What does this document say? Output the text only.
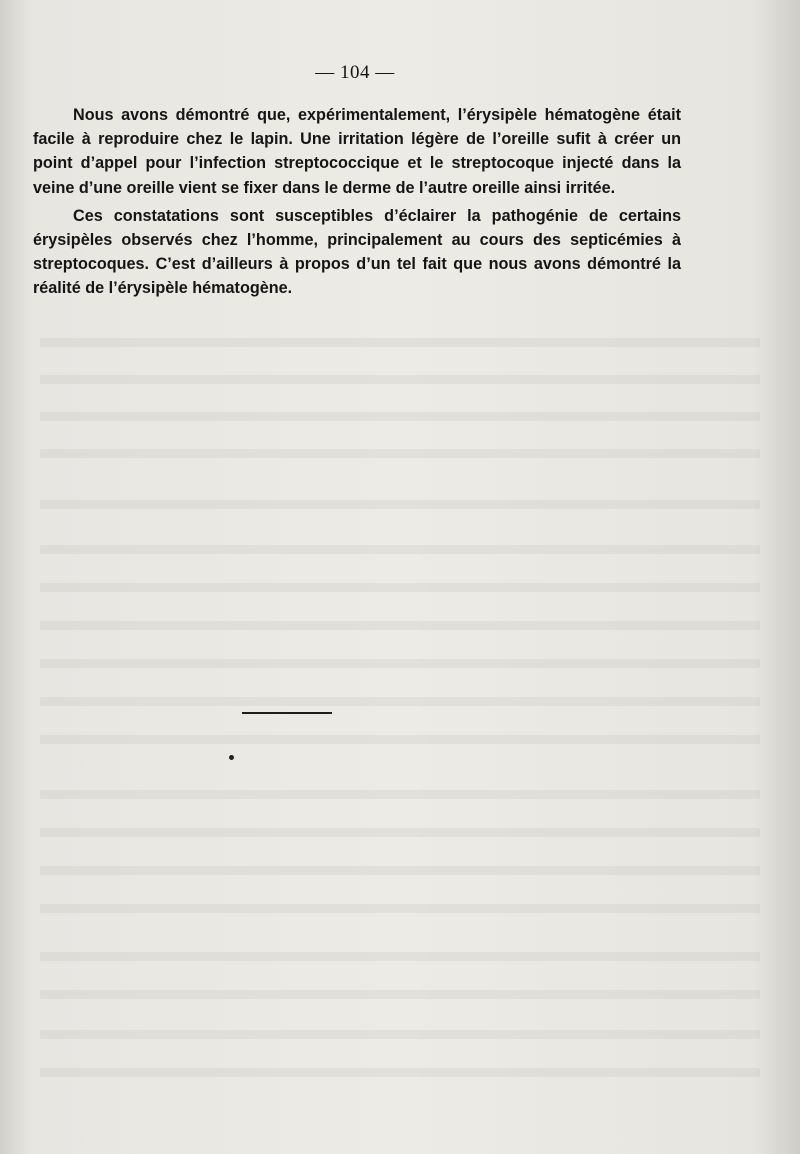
— 104 —

Nous avons démontré que, expérimentalement, l’érysipèle hématogène était facile à reproduire chez le lapin. Une irritation légère de l’oreille sufit à créer un point d’appel pour l’infection streptococcique et le streptocoque injecté dans la veine d’une oreille vient se fixer dans le derme de l’autre oreille ainsi irritée.

Ces constatations sont susceptibles d’éclairer la pathogénie de certains érysipèles observés chez l’homme, principalement au cours des septicémies à streptocoques. C’est d’ailleurs à propos d’un tel fait que nous avons démontré la réalité de l’érysipèle hématogène.
